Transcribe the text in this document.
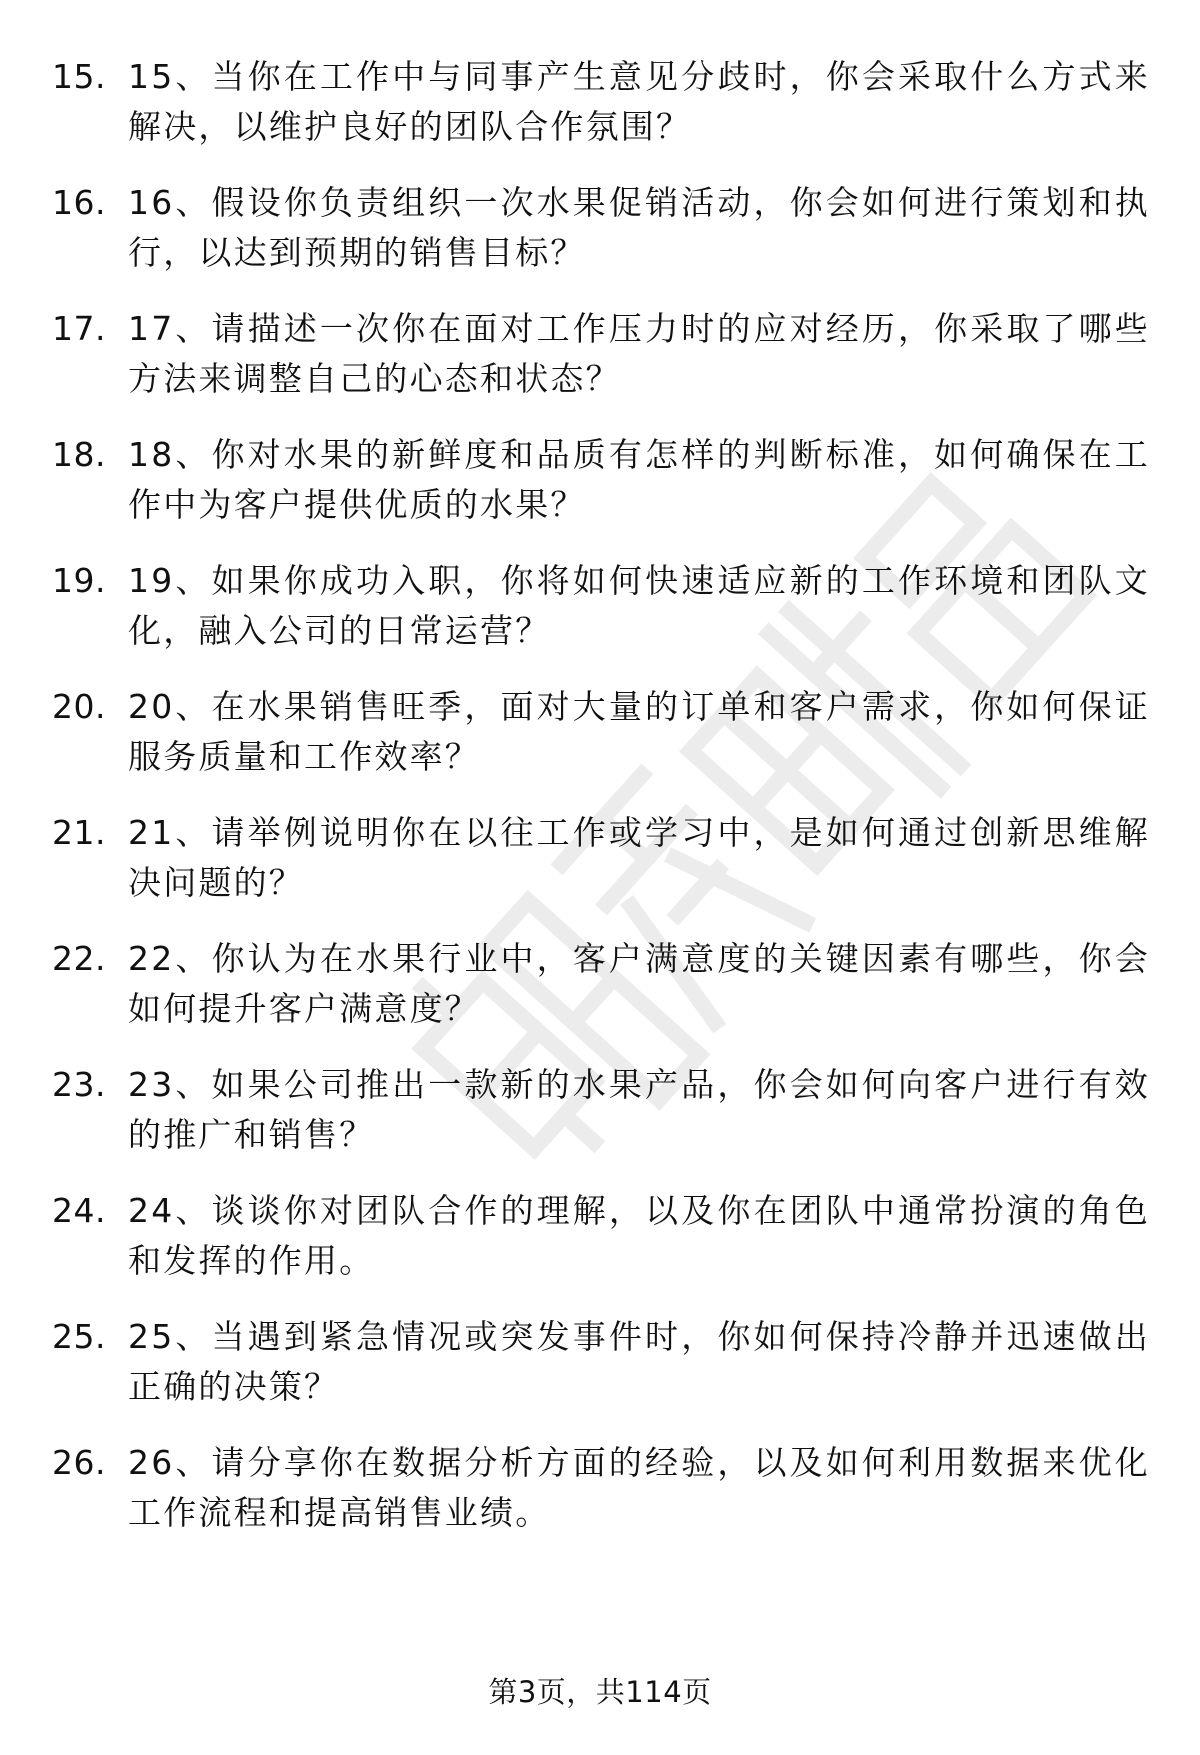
15. 15、当你在工作中与同事产生意见分歧时，你会采取什么方式来解决，以维护良好的团队合作氛围？
16. 16、假设你负责组织一次水果促销活动，你会如何进行策划和执行，以达到预期的销售目标？
17. 17、请描述一次你在面对工作压力时的应对经历，你采取了哪些方法来调整自己的心态和状态？
18. 18、你对水果的新鲜度和品质有怎样的判断标准，如何确保在工作中为客户提供优质的水果？
19. 19、如果你成功入职，你将如何快速适应新的工作环境和团队文化，融入公司的日常运营？
20. 20、在水果销售旺季，面对大量的订单和客户需求，你如何保证服务质量和工作效率？
21. 21、请举例说明你在以往工作或学习中，是如何通过创新思维解决问题的？
22. 22、你认为在水果行业中，客户满意度的关键因素有哪些，你会如何提升客户满意度？
23. 23、如果公司推出一款新的水果产品，你会如何向客户进行有效的推广和销售？
24. 24、谈谈你对团队合作的理解，以及你在团队中通常扮演的角色和发挥的作用。
25. 25、当遇到紧急情况或突发事件时，你如何保持冷静并迅速做出正确的决策？
26. 26、请分享你在数据分析方面的经验，以及如何利用数据来优化工作流程和提高销售业绩。
第3页，共114页
